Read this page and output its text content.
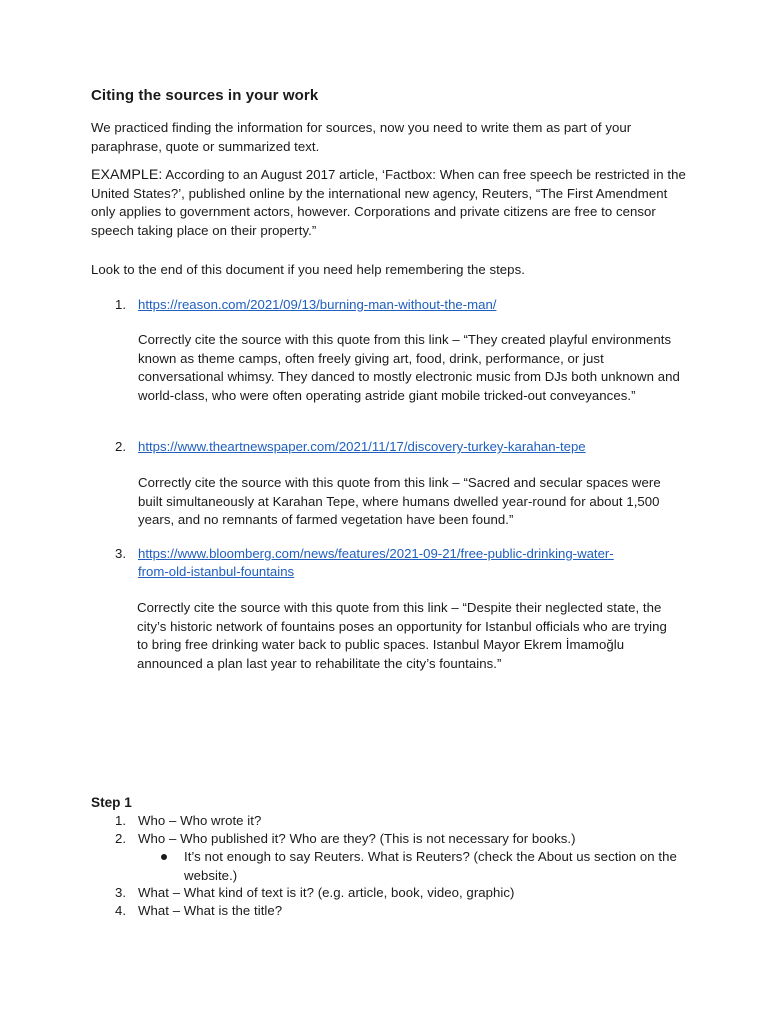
Citing the sources in your work
We practiced finding the information for sources, now you need to write them as part of your paraphrase, quote or summarized text.
EXAMPLE: According to an August 2017 article, ‘Factbox: When can free speech be restricted in the United States?’, published online by the international new agency, Reuters, “The First Amendment only applies to government actors, however. Corporations and private citizens are free to censor speech taking place on their property.”
Look to the end of this document if you need help remembering the steps.
1. https://reason.com/2021/09/13/burning-man-without-the-man/
Correctly cite the source with this quote from this link – “They created playful environments known as theme camps, often freely giving art, food, drink, performance, or just conversational whimsy. They danced to mostly electronic music from DJs both unknown and world-class, who were often operating astride giant mobile tricked-out conveyances.”
2. https://www.theartnewspaper.com/2021/11/17/discovery-turkey-karahan-tepe
Correctly cite the source with this quote from this link – “Sacred and secular spaces were built simultaneously at Karahan Tepe, where humans dwelled year-round for about 1,500 years, and no remnants of farmed vegetation have been found.”
3. https://www.bloomberg.com/news/features/2021-09-21/free-public-drinking-water-
from-old-istanbul-fountains
Correctly cite the source with this quote from this link – “Despite their neglected state, the city’s historic network of fountains poses an opportunity for Istanbul officials who are trying to bring free drinking water back to public spaces. Istanbul Mayor Ekrem İmamoğlu announced a plan last year to rehabilitate the city’s fountains.”
Step 1
1. Who – Who wrote it?
2. Who – Who published it? Who are they? (This is not necessary for books.)
It’s not enough to say Reuters. What is Reuters? (check the About us section on the website.)
3. What – What kind of text is it? (e.g. article, book, video, graphic)
4. What – What is the title?
